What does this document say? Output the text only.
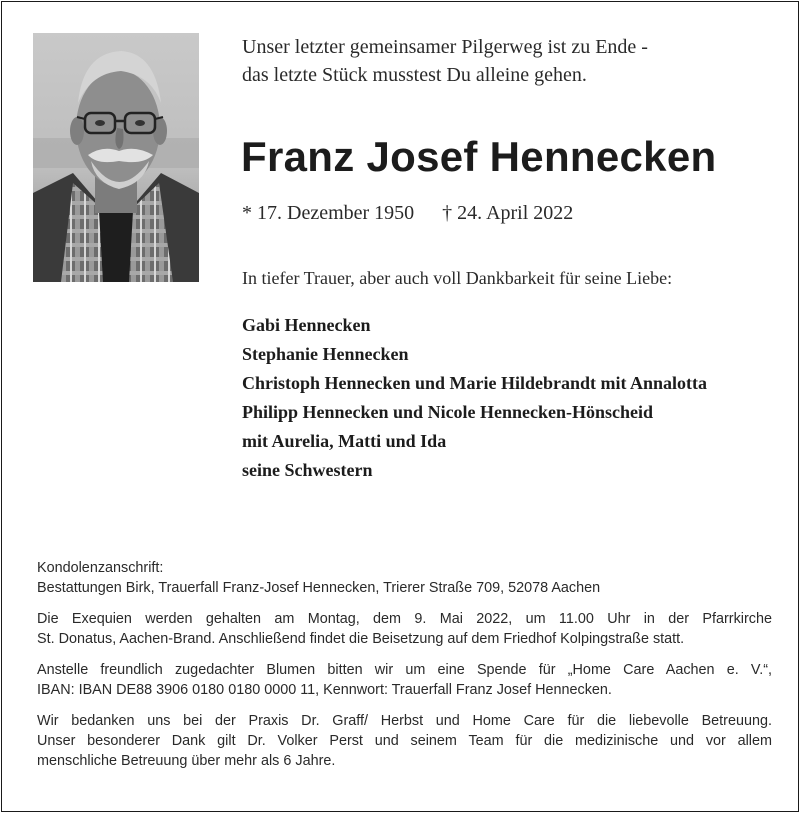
Unser letzter gemeinsamer Pilgerweg ist zu Ende -
das letzte Stück musstest Du alleine gehen.
Franz Josef Hennecken
* 17. Dezember 1950 † 24. April 2022
In tiefer Trauer, aber auch voll Dankbarkeit für seine Liebe:
Gabi Hennecken
Stephanie Hennecken
Christoph Hennecken und Marie Hildebrandt mit Annalotta
Philipp Hennecken und Nicole Hennecken-Hönscheid
mit Aurelia, Matti und Ida
seine Schwestern

Kondolenzanschrift:
Bestattungen Birk, Trauerfall Franz-Josef Hennecken, Trierer Straße 709, 52078 Aachen

Die Exequien werden gehalten am Montag, dem 9. Mai 2022, um 11.00 Uhr in der Pfarrkirche
St. Donatus, Aachen-Brand. Anschließend findet die Beisetzung auf dem Friedhof Kolpingstraße statt.

Anstelle freundlich zugedachter Blumen bitten wir um eine Spende für „Home Care Aachen e. V.“,
IBAN: IBAN DE88 3906 0180 0180 0000 11, Kennwort: Trauerfall Franz Josef Hennecken.

Wir bedanken uns bei der Praxis Dr. Graff/ Herbst und Home Care für die liebevolle Betreuung.
Unser besonderer Dank gilt Dr. Volker Perst und seinem Team für die medizinische und vor allem
menschliche Betreuung über mehr als 6 Jahre.
